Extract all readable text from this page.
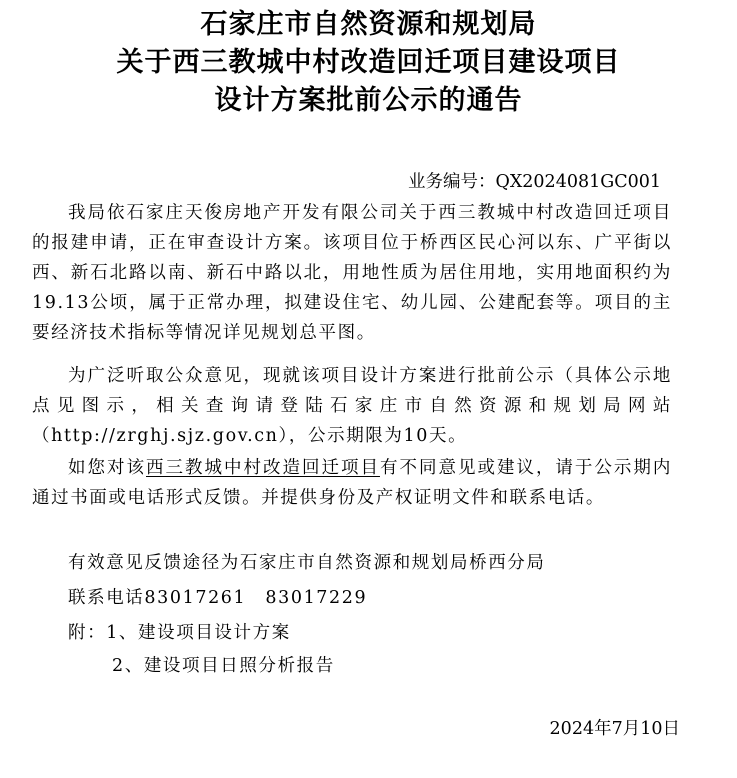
石家庄市自然资源和规划局
关于西三教城中村改造回迁项目建设项目
设计方案批前公示的通告
业务编号：QX2024081GC001

我局依石家庄天俊房地产开发有限公司关于西三教城中村改造回迁项目的报建申请，正在审查设计方案。该项目位于桥西区民心河以东、广平街以西、新石北路以南、新石中路以北，用地性质为居住用地，实用地面积约为19.13公顷，属于正常办理，拟建设住宅、幼儿园、公建配套等。项目的主要经济技术指标等情况详见规划总平图。

为广泛听取公众意见，现就该项目设计方案进行批前公示（具体公示地点见图示，相关查询请登陆石家庄市自然资源和规划局网站（http://zrghj.sjz.gov.cn），公示期限为10天。

如您对该西三教城中村改造回迁项目有不同意见或建议，请于公示期内通过书面或电话形式反馈。并提供身份及产权证明文件和联系电话。

有效意见反馈途径为石家庄市自然资源和规划局桥西分局
联系电话83017261　83017229
附：1、建设项目设计方案
2、建设项目日照分析报告
2024年7月10日
